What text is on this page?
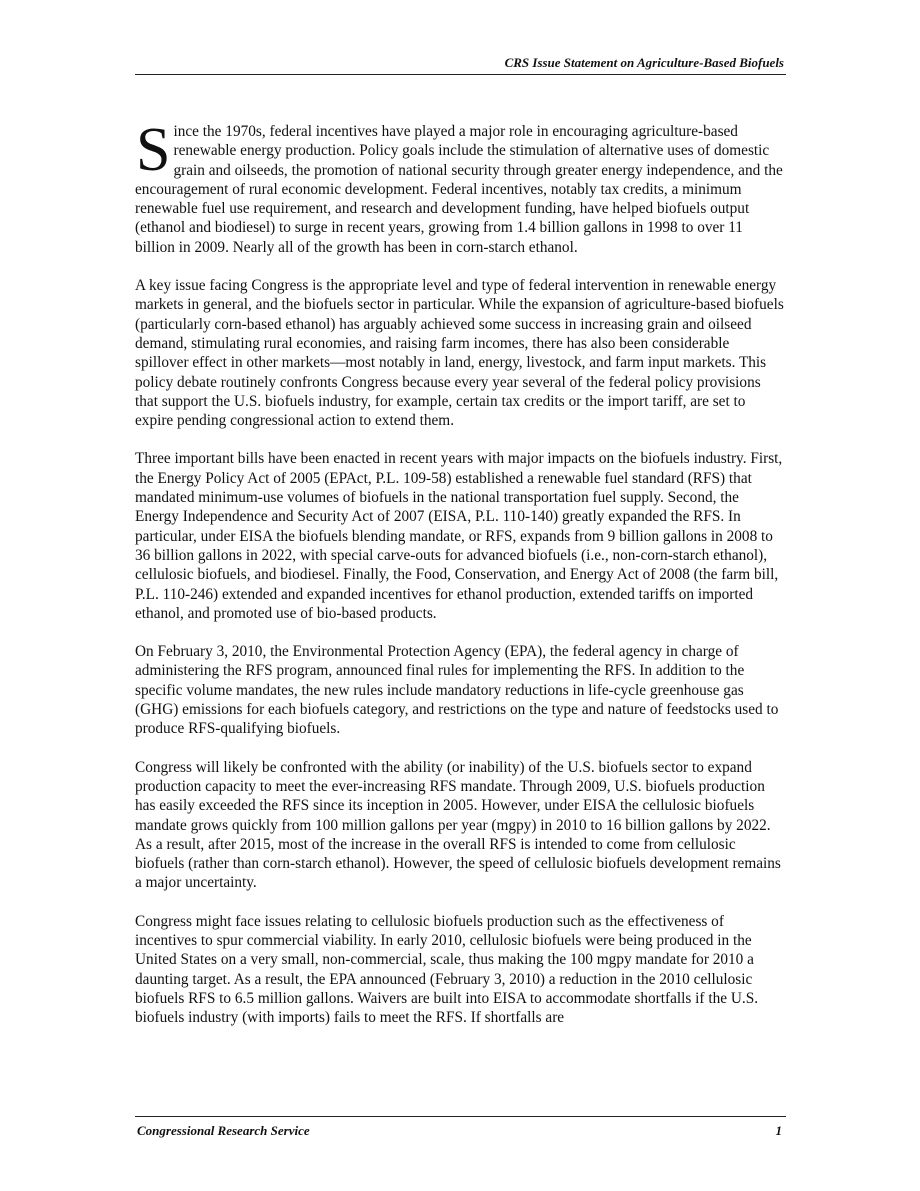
CRS Issue Statement on Agriculture-Based Biofuels

Since the 1970s, federal incentives have played a major role in encouraging agriculture-based renewable energy production. Policy goals include the stimulation of alternative uses of domestic grain and oilseeds, the promotion of national security through greater energy independence, and the encouragement of rural economic development. Federal incentives, notably tax credits, a minimum renewable fuel use requirement, and research and development funding, have helped biofuels output (ethanol and biodiesel) to surge in recent years, growing from 1.4 billion gallons in 1998 to over 11 billion in 2009. Nearly all of the growth has been in corn-starch ethanol.

A key issue facing Congress is the appropriate level and type of federal intervention in renewable energy markets in general, and the biofuels sector in particular. While the expansion of agriculture-based biofuels (particularly corn-based ethanol) has arguably achieved some success in increasing grain and oilseed demand, stimulating rural economies, and raising farm incomes, there has also been considerable spillover effect in other markets—most notably in land, energy, livestock, and farm input markets. This policy debate routinely confronts Congress because every year several of the federal policy provisions that support the U.S. biofuels industry, for example, certain tax credits or the import tariff, are set to expire pending congressional action to extend them.

Three important bills have been enacted in recent years with major impacts on the biofuels industry. First, the Energy Policy Act of 2005 (EPAct, P.L. 109-58) established a renewable fuel standard (RFS) that mandated minimum-use volumes of biofuels in the national transportation fuel supply. Second, the Energy Independence and Security Act of 2007 (EISA, P.L. 110-140) greatly expanded the RFS. In particular, under EISA the biofuels blending mandate, or RFS, expands from 9 billion gallons in 2008 to 36 billion gallons in 2022, with special carve-outs for advanced biofuels (i.e., non-corn-starch ethanol), cellulosic biofuels, and biodiesel. Finally, the Food, Conservation, and Energy Act of 2008 (the farm bill, P.L. 110-246) extended and expanded incentives for ethanol production, extended tariffs on imported ethanol, and promoted use of bio-based products.

On February 3, 2010, the Environmental Protection Agency (EPA), the federal agency in charge of administering the RFS program, announced final rules for implementing the RFS. In addition to the specific volume mandates, the new rules include mandatory reductions in life-cycle greenhouse gas (GHG) emissions for each biofuels category, and restrictions on the type and nature of feedstocks used to produce RFS-qualifying biofuels.

Congress will likely be confronted with the ability (or inability) of the U.S. biofuels sector to expand production capacity to meet the ever-increasing RFS mandate. Through 2009, U.S. biofuels production has easily exceeded the RFS since its inception in 2005. However, under EISA the cellulosic biofuels mandate grows quickly from 100 million gallons per year (mgpy) in 2010 to 16 billion gallons by 2022. As a result, after 2015, most of the increase in the overall RFS is intended to come from cellulosic biofuels (rather than corn-starch ethanol). However, the speed of cellulosic biofuels development remains a major uncertainty.

Congress might face issues relating to cellulosic biofuels production such as the effectiveness of incentives to spur commercial viability. In early 2010, cellulosic biofuels were being produced in the United States on a very small, non-commercial, scale, thus making the 100 mgpy mandate for 2010 a daunting target. As a result, the EPA announced (February 3, 2010) a reduction in the 2010 cellulosic biofuels RFS to 6.5 million gallons. Waivers are built into EISA to accommodate shortfalls if the U.S. biofuels industry (with imports) fails to meet the RFS. If shortfalls are

Congressional Research Service	1
